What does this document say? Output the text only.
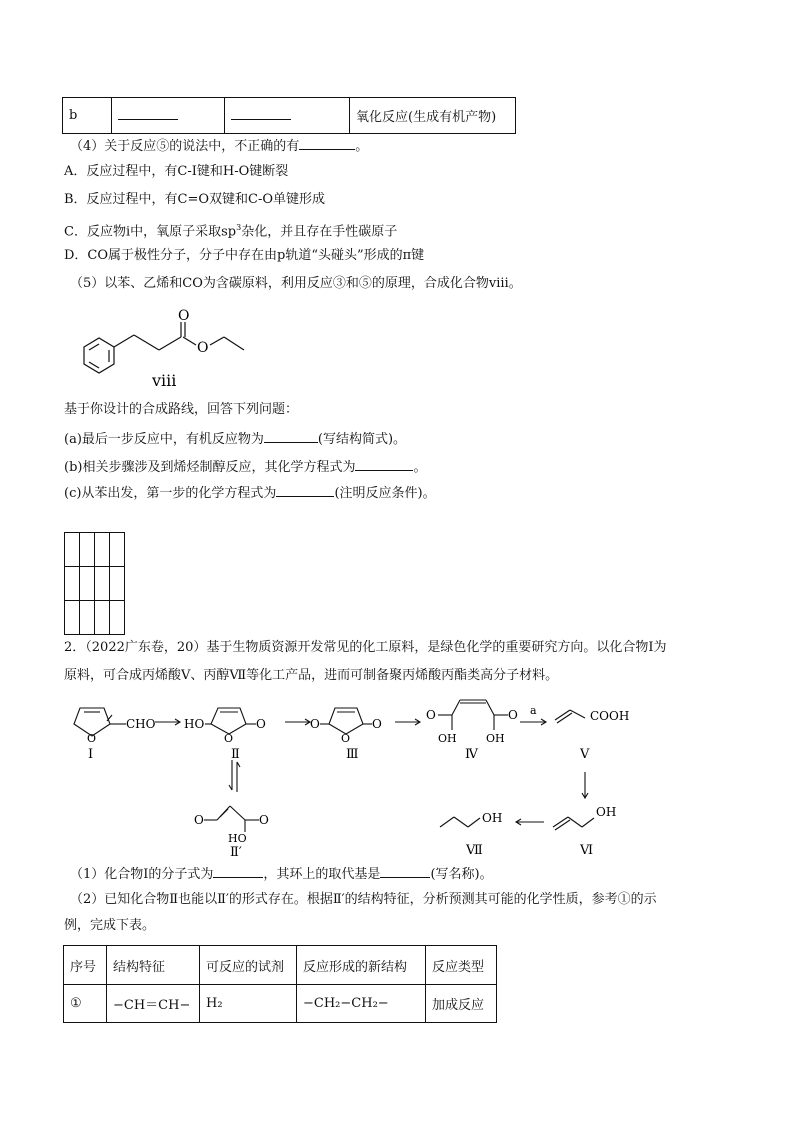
b			氧化反应(生成有机产物)
（4）关于反应⑤的说法中，不正确的有	。
A．反应过程中，有C-I键和H-O键断裂
B．反应过程中，有C=O双键和C-O单键形成
C．反应物ⅰ中，氧原子采取$sp^3$杂化，并且存在手性碳原子
D．CO属于极性分子，分子中存在由p轨道“头碰头”形成的π键
（5）以苯、乙烯和CO为含碳原料，利用反应③和⑤的原理，合成化合物ⅷ。
O
O
viii
基于你设计的合成路线，回答下列问题：
(a)最后一步反应中，有机反应物为	(写结构简式)。
(b)相关步骤涉及到烯烃制醇反应，其化学方程式为	。
(c)从苯出发，第一步的化学方程式为	(注明反应条件)。

2．（2022广东卷，20）基于生物质资源开发常见的化工原料，是绿色化学的重要研究方向。以化合物Ⅰ为
原料，可合成丙烯酸Ⅴ、丙醇Ⅶ等化工产品，进而可制备聚丙烯酸丙酯类高分子材料。
Ⅰ
O
CHO HO
O
O
Ⅱ
O
O
O
Ⅲ
O	O
OH	OH
Ⅳ
a	COOH
Ⅴ
OH
Ⅵ
OH
Ⅶ
O	O
HO
Ⅱ′
（1）化合物Ⅰ的分子式为	，其环上的取代基是	(写名称)。
（2）已知化合物Ⅱ也能以Ⅱ′的形式存在。根据Ⅱ′的结构特征，分析预测其可能的化学性质，参考①的示
例，完成下表。
序号	结构特征	可反应的试剂	反应形成的新结构	反应类型
①	−CH＝CH−	H₂	−CH₂−CH₂−	加成反应
